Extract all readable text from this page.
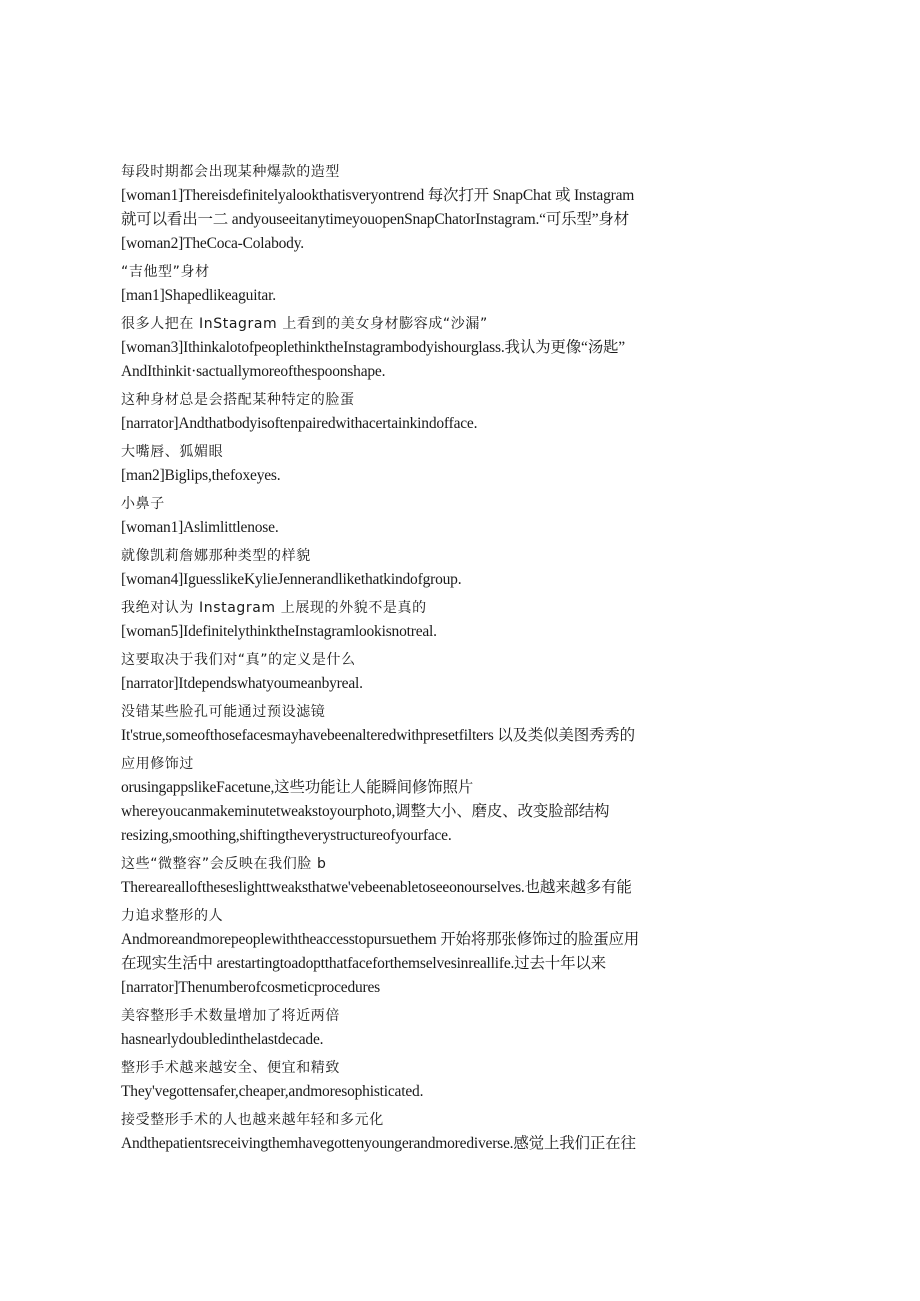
每段时期都会出现某种爆款的造型
[woman1]Thereisdefinitelyalookthatisveryontrend 每次打开 SnapChat 或 Instagram
就可以看出一二 andyouseeitanytimeyouopenSnapChatorInstagram.“可乐型”身材
[woman2]TheCoca-Colabody.
“吉他型”身材
[man1]Shapedlikeaguitar.
很多人把在 InStagram 上看到的美女身材膨容成“沙漏”
[woman3]IthinkalotofpeoplethinktheInstagrambodyishourglass.我认为更像“汤匙”
AndIthinkit·sactuallymoreofthespoonshape.
这种身材总是会搭配某种特定的脸蛋
[narrator]Andthatbodyisoftenpairedwithacertainkindofface.
大嘴唇、狐媚眼
[man2]Biglips,thefoxeyes.
小鼻子
[woman1]Aslimlittlenose.
就像凯莉詹娜那种类型的样貌
[woman4]IguesslikeKylieJennerandlikethatkindofgroup.
我绝对认为 Instagram 上展现的外貌不是真的
[woman5]IdefinitelythinktheInstagramlookisnotreal.
这要取决于我们对“真”的定义是什么
[narrator]Itdependswhatyoumeanbyreal.
没错某些脸孔可能通过预设滤镜
It'strue,someofthosefacesmayhavebeenalteredwithpresetfilters 以及类似美图秀秀的
应用修饰过
orusingappslikeFacetune,这些功能让人能瞬间修饰照片
whereyoucanmakeminutetweakstoyourphoto,调整大小、磨皮、改变脸部结构
resizing,smoothing,shiftingtheverystructureofyourface.
这些“微整容”会反映在我们脸 b
Therearealloftheseslighttweaksthatwe'vebeenabletoseeonourselves.也越来越多有能
力追求整形的人
Andmoreandmorepeoplewiththeaccesstopursuethem 开始将那张修饰过的脸蛋应用
在现实生活中 arestartingtoadoptthatfaceforthemselvesinreallife.过去十年以来
[narrator]Thenumberofcosmeticprocedures
美容整形手术数量增加了将近两倍
hasnearlydoubledinthelastdecade.
整形手术越来越安全、便宜和精致
They'vegottensafer,cheaper,andmoresophisticated.
接受整形手术的人也越来越年轻和多元化
Andthepatientsreceivingthemhavegottenyoungerandmorediverse.感觉上我们正在往
